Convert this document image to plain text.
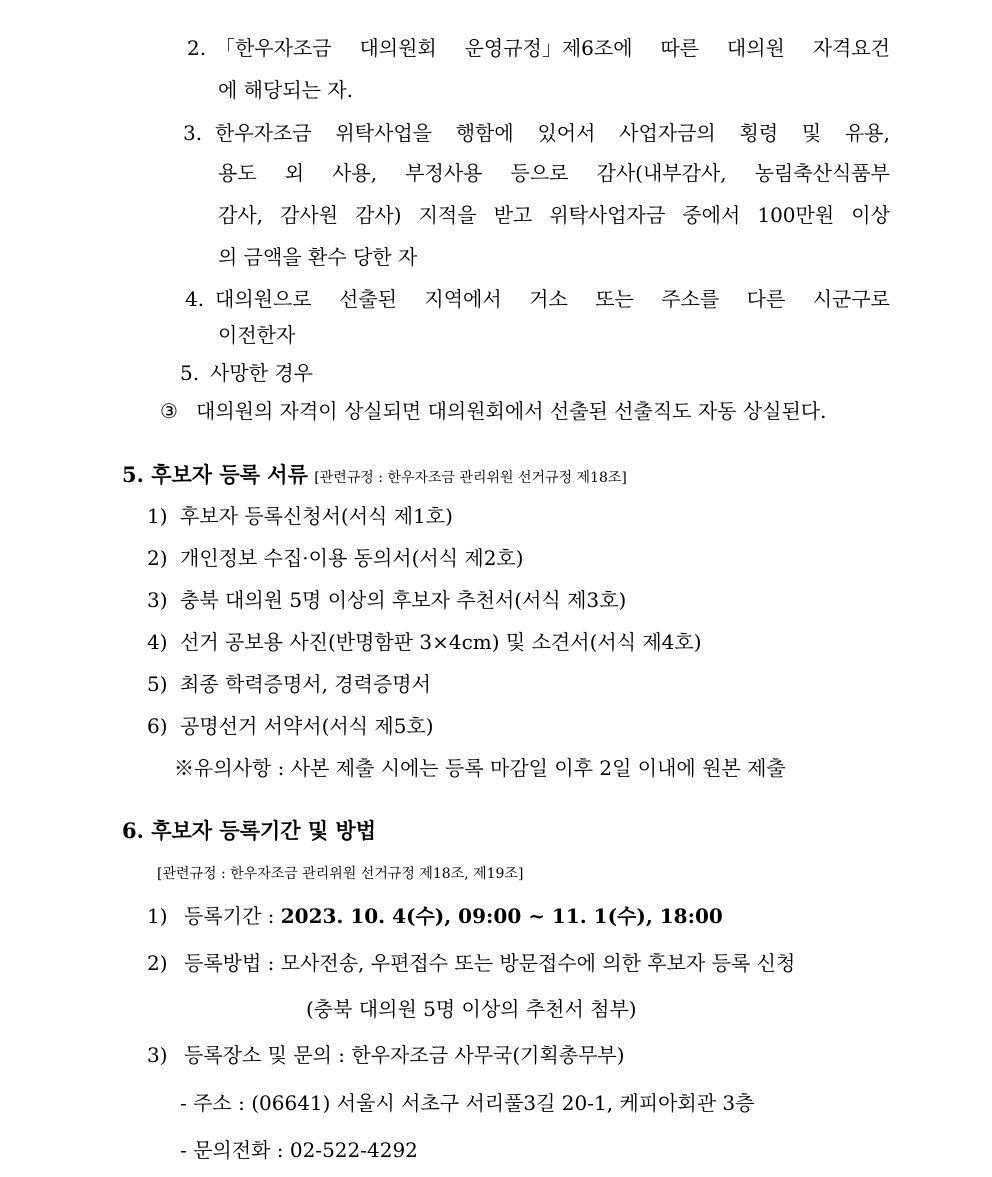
2. 「한우자조금 대의원회 운영규정」제6조에 따른 대의원 자격요건
에 해당되는 자.
3. 한우자조금 위탁사업을 행함에 있어서 사업자금의 횡령 및 유용,
용도 외 사용, 부정사용 등으로 감사(내부감사, 농림축산식품부
감사, 감사원 감사) 지적을 받고 위탁사업자금 중에서 100만원 이상
의 금액을 환수 당한 자
4. 대의원으로 선출된 지역에서 거소 또는 주소를 다른 시군구로
이전한자
5. 사망한 경우
③ 대의원의 자격이 상실되면 대의원회에서 선출된 선출직도 자동 상실된다.
5. 후보자 등록 서류 [관련규정 : 한우자조금 관리위원 선거규정 제18조]
1) 후보자 등록신청서(서식 제1호)
2) 개인정보 수집·이용 동의서(서식 제2호)
3) 충북 대의원 5명 이상의 후보자 추천서(서식 제3호)
4) 선거 공보용 사진(반명함판 3×4cm) 및 소견서(서식 제4호)
5) 최종 학력증명서, 경력증명서
6) 공명선거 서약서(서식 제5호)
※유의사항 : 사본 제출 시에는 등록 마감일 이후 2일 이내에 원본 제출
6. 후보자 등록기간 및 방법
[관련규정 : 한우자조금 관리위원 선거규정 제18조, 제19조]
1) 등록기간 : 2023. 10. 4(수), 09:00 ~ 11. 1(수), 18:00
2) 등록방법 : 모사전송, 우편접수 또는 방문접수에 의한 후보자 등록 신청
(충북 대의원 5명 이상의 추천서 첨부)
3) 등록장소 및 문의 : 한우자조금 사무국(기획총무부)
- 주소 : (06641) 서울시 서초구 서리풀3길 20-1, 케피아회관 3층
- 문의전화 : 02-522-4292
